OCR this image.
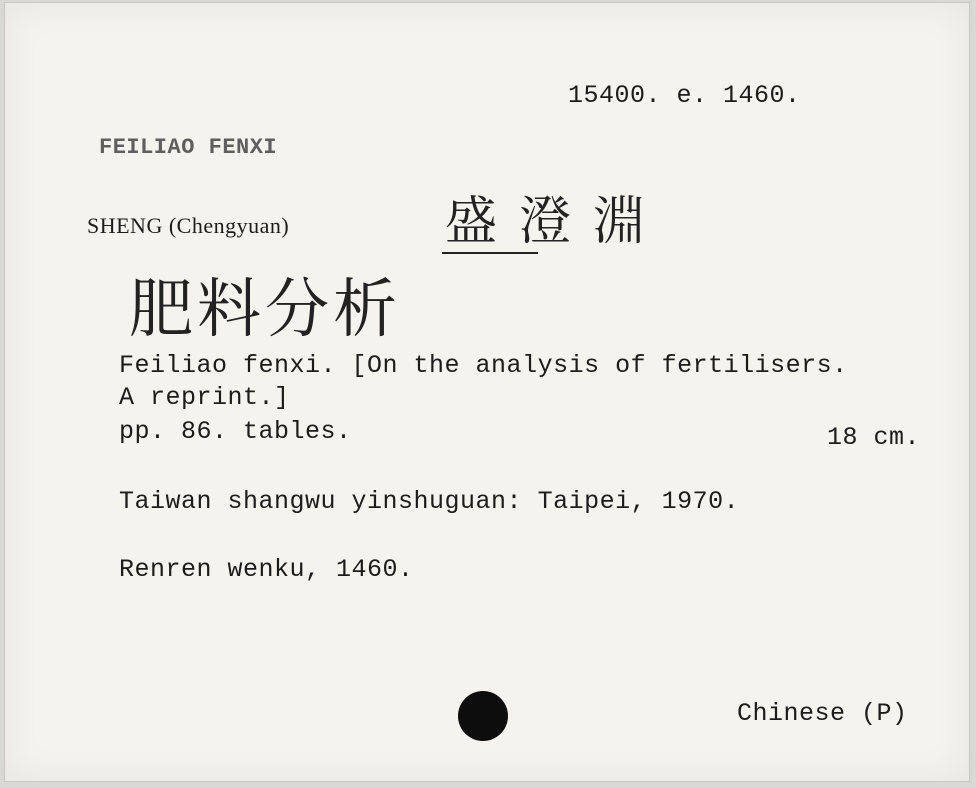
15400. e. 1460.
FEILIAO FENXI
SHENG (Chengyuan)	盛澄淵
肥料分析
Feiliao fenxi. [On the analysis of fertilisers.
A reprint.]
pp. 86. tables.	18 cm.
Taiwan shangwu yinshuguan: Taipei, 1970.
Renren wenku, 1460.
Chinese (P)
